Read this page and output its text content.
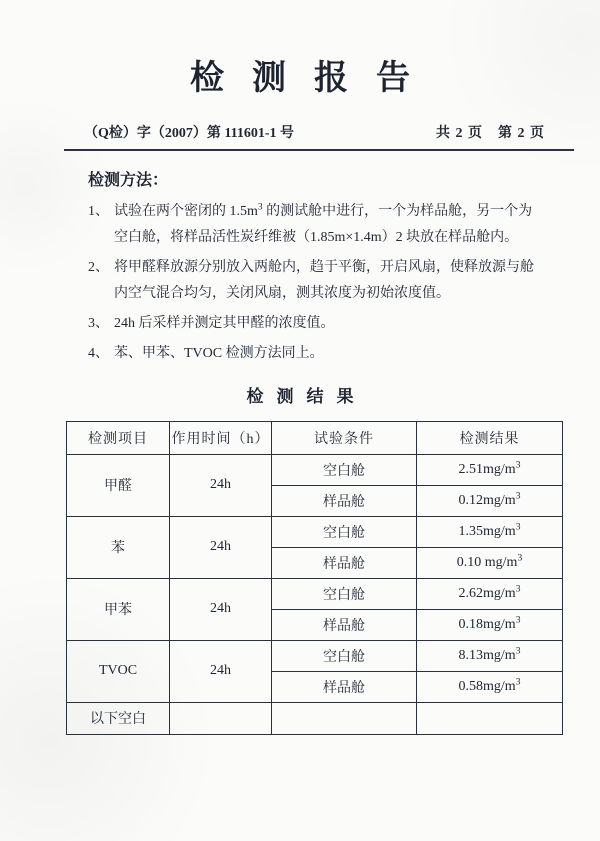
检测报告
（Q检）字（2007）第 111601-1 号	共 2 页　第 2 页
检测方法：
1、 试验在两个密闭的 $1.5m^3$ 的测试舱中进行，一个为样品舱，另一个为空白舱，将样品活性炭纤维被（1.85m×1.4m）2 块放在样品舱内。
2、 将甲醛释放源分别放入两舱内，趋于平衡，开启风扇，使释放源与舱内空气混合均匀，关闭风扇，测其浓度为初始浓度值。
3、 24h 后采样并测定其甲醛的浓度值。
4、 苯、甲苯、TVOC 检测方法同上。
检测结果
检测项目	作用时间（h）	试验条件	检测结果
甲醛	24h	空白舱	$2.51mg/m^3$
		样品舱	$0.12mg/m^3$
苯	24h	空白舱	$1.35mg/m^3$
		样品舱	0.10 $mg/m^3$
甲苯	24h	空白舱	$2.62mg/m^3$
		样品舱	$0.18mg/m^3$
TVOC	24h	空白舱	$8.13mg/m^3$
		样品舱	$0.58mg/m^3$
以下空白			
